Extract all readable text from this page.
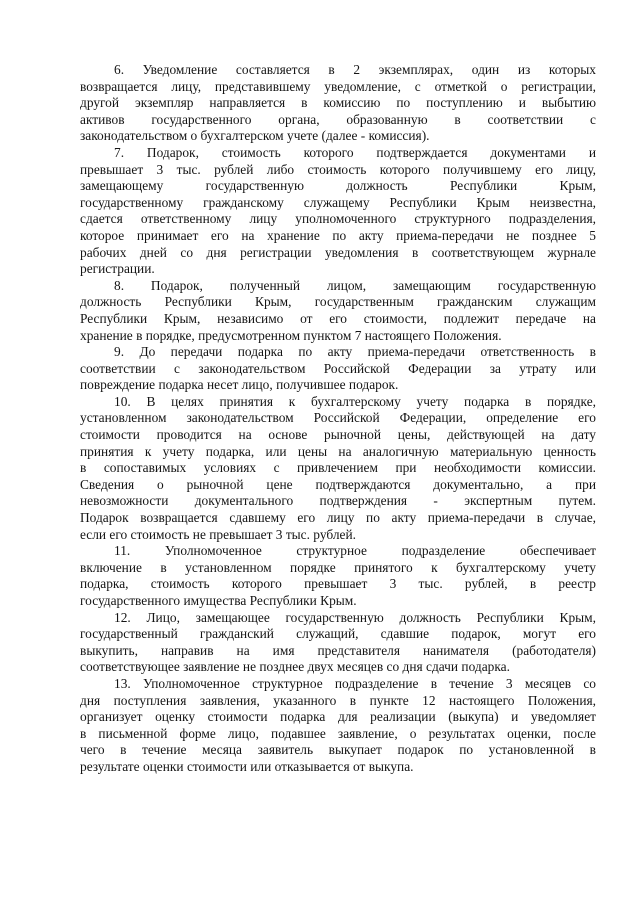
6. Уведомление составляется в 2 экземплярах, один из которых
возвращается лицу, представившему уведомление, с отметкой о регистрации,
другой экземпляр направляется в комиссию по поступлению и выбытию
активов государственного органа, образованную в соответствии с
законодательством о бухгалтерском учете (далее - комиссия).
7. Подарок, стоимость которого подтверждается документами и
превышает 3 тыс. рублей либо стоимость которого получившему его лицу,
замещающему государственную должность Республики Крым,
государственному гражданскому служащему Республики Крым неизвестна,
сдается ответственному лицу уполномоченного структурного подразделения,
которое принимает его на хранение по акту приема-передачи не позднее 5
рабочих дней со дня регистрации уведомления в соответствующем журнале
регистрации.
8. Подарок, полученный лицом, замещающим государственную
должность Республики Крым, государственным гражданским служащим
Республики Крым, независимо от его стоимости, подлежит передаче на
хранение в порядке, предусмотренном пунктом 7 настоящего Положения.
9. До передачи подарка по акту приема-передачи ответственность в
соответствии с законодательством Российской Федерации за утрату или
повреждение подарка несет лицо, получившее подарок.
10. В целях принятия к бухгалтерскому учету подарка в порядке,
установленном законодательством Российской Федерации, определение его
стоимости проводится на основе рыночной цены, действующей на дату
принятия к учету подарка, или цены на аналогичную материальную ценность
в сопоставимых условиях с привлечением при необходимости комиссии.
Сведения о рыночной цене подтверждаются документально, а при
невозможности документального подтверждения - экспертным путем.
Подарок возвращается сдавшему его лицу по акту приема-передачи в случае,
если его стоимость не превышает 3 тыс. рублей.
11. Уполномоченное структурное подразделение обеспечивает
включение в установленном порядке принятого к бухгалтерскому учету
подарка, стоимость которого превышает 3 тыс. рублей, в реестр
государственного имущества Республики Крым.
12. Лицо, замещающее государственную должность Республики Крым,
государственный гражданский служащий, сдавшие подарок, могут его
выкупить, направив на имя представителя нанимателя (работодателя)
соответствующее заявление не позднее двух месяцев со дня сдачи подарка.
13. Уполномоченное структурное подразделение в течение 3 месяцев со
дня поступления заявления, указанного в пункте 12 настоящего Положения,
организует оценку стоимости подарка для реализации (выкупа) и уведомляет
в письменной форме лицо, подавшее заявление, о результатах оценки, после
чего в течение месяца заявитель выкупает подарок по установленной в
результате оценки стоимости или отказывается от выкупа.
